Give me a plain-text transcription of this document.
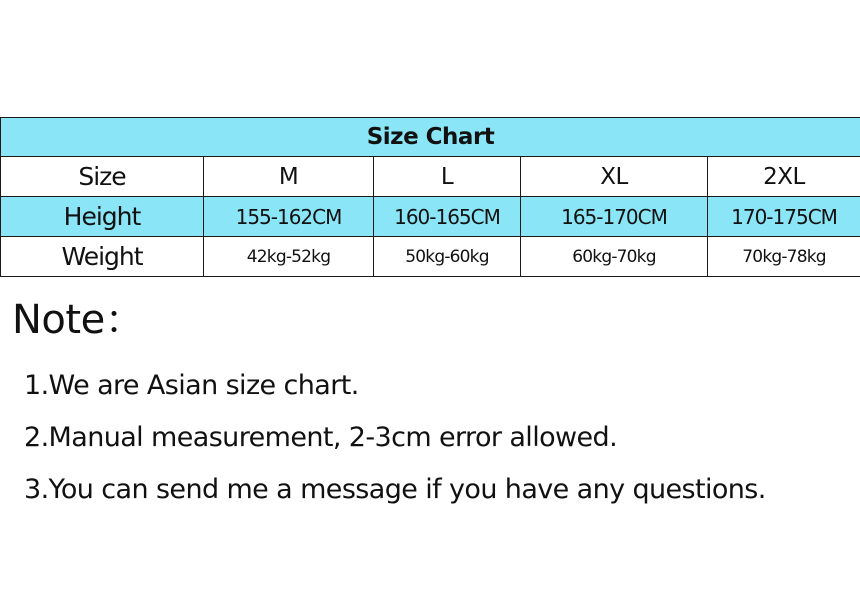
Size Chart				
Size	M	L	XL	2XL
Height	155-162CM	160-165CM	165-170CM	170-175CM
Weight	42kg-52kg	50kg-60kg	60kg-70kg	70kg-78kg
Note：
1.We are Asian size chart.
2.Manual measurement, 2-3cm error allowed.
3.You can send me a message if you have any questions.
